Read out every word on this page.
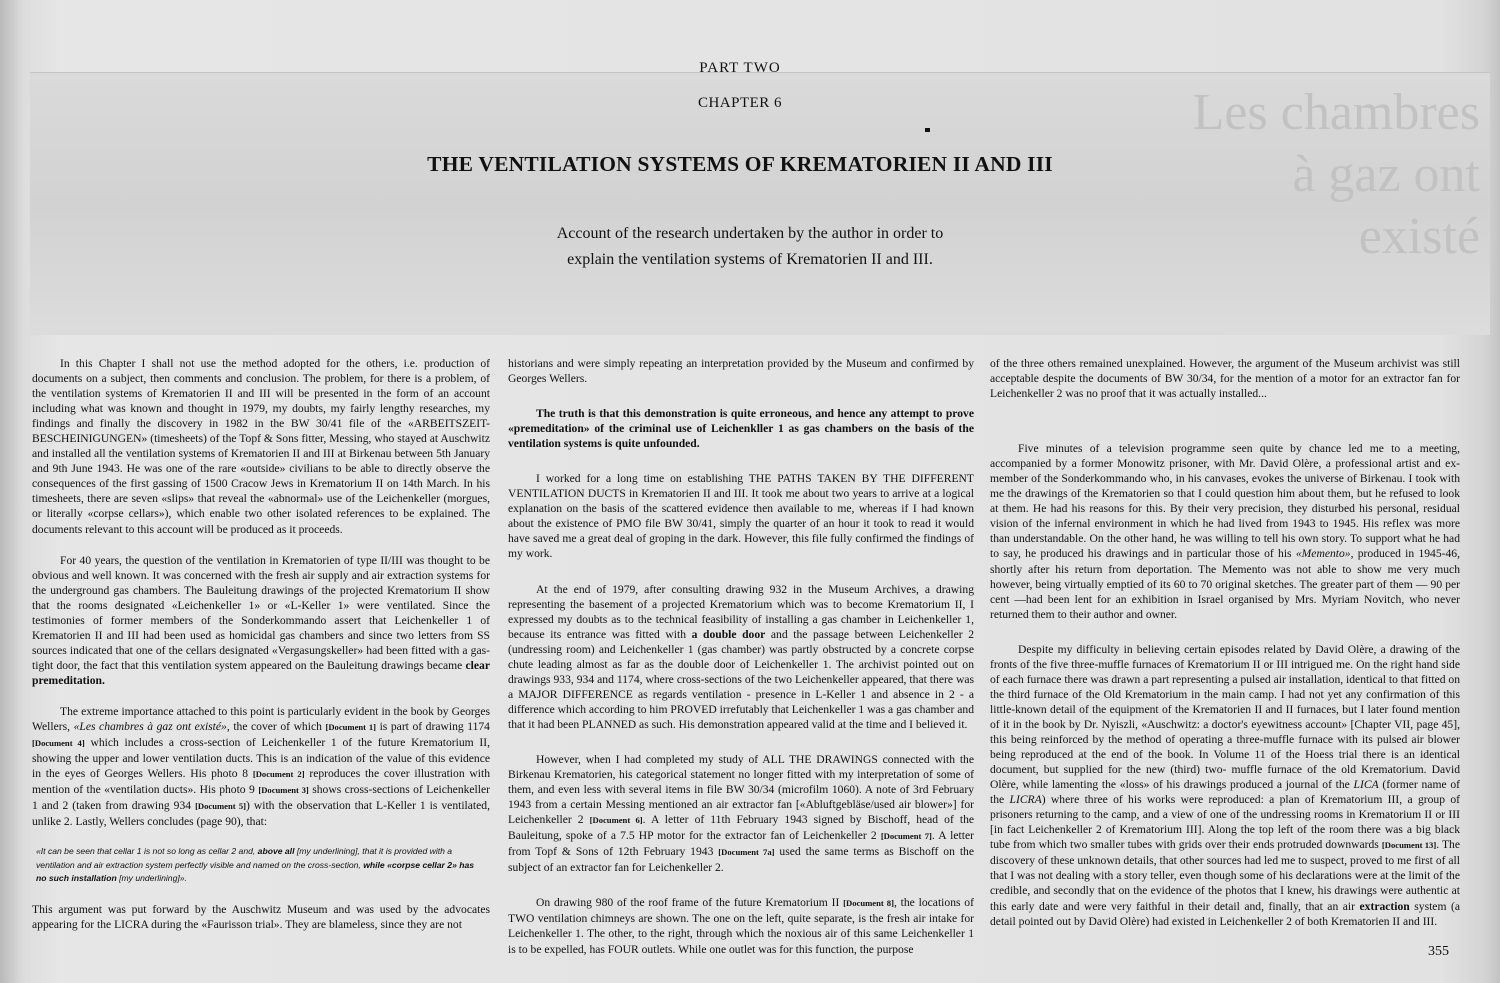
Les chambres à gaz ont existé

PART TWO

CHAPTER 6

THE VENTILATION SYSTEMS OF KREMATORIEN II AND III

Account of the research undertaken by the author in order to explain the ventilation systems of Krematorien II and III.

In this Chapter I shall not use the method adopted for the others, i.e. production of documents on a subject, then comments and conclusion. The problem, for there is a problem, of the ventilation systems of Krematorien II and III will be presented in the form of an account including what was known and thought in 1979, my doubts, my fairly lengthy researches, my findings and finally the discovery in 1982 in the BW 30/41 file of the «ARBEITSZEIT-BESCHEINIGUNGEN» (timesheets) of the Topf & Sons fitter, Messing, who stayed at Auschwitz and installed all the ventilation systems of Krematorien II and III at Birkenau between 5th January and 9th June 1943. He was one of the rare «outside» civilians to be able to directly observe the consequences of the first gassing of 1500 Cracow Jews in Krematorium II on 14th March. In his timesheets, there are seven «slips» that reveal the «abnormal» use of the Leichenkeller (morgues, or literally «corpse cellars»), which enable two other isolated references to be explained. The documents relevant to this account will be produced as it proceeds.

For 40 years, the question of the ventilation in Krematorien of type II/III was thought to be obvious and well known. It was concerned with the fresh air supply and air extraction systems for the underground gas chambers. The Bauleitung drawings of the projected Krematorium II show that the rooms designated «Leichenkeller 1» or «L-Keller 1» were ventilated. Since the testimonies of former members of the Sonderkommando assert that Leichenkeller 1 of Krematorien II and III had been used as homicidal gas chambers and since two letters from SS sources indicated that one of the cellars designated «Vergasungskeller» had been fitted with a gas-tight door, the fact that this ventilation system appeared on the Bauleitung drawings became clear premeditation.

The extreme importance attached to this point is particularly evident in the book by Georges Wellers, «Les chambres à gaz ont existé», the cover of which [Document 1] is part of drawing 1174 [Document 4] which includes a cross-section of Leichenkeller 1 of the future Krematorium II, showing the upper and lower ventilation ducts. This is an indication of the value of this evidence in the eyes of Georges Wellers. His photo 8 [Document 2] reproduces the cover illustration with mention of the «ventilation ducts». His photo 9 [Document 3] shows cross-sections of Leichenkeller 1 and 2 (taken from drawing 934 [Document 5]) with the observation that L-Keller 1 is ventilated, unlike 2. Lastly, Wellers concludes (page 90), that:

«It can be seen that cellar 1 is not so long as cellar 2 and, above all [my underlining], that it is provided with a ventilation and air extraction system perfectly visible and named on the cross-section, while «corpse cellar 2» has no such installation [my underlining]».

This argument was put forward by the Auschwitz Museum and was used by the advocates appearing for the LICRA during the «Faurisson trial». They are blameless, since they are not

historians and were simply repeating an interpretation provided by the Museum and confirmed by Georges Wellers.

The truth is that this demonstration is quite erroneous, and hence any attempt to prove «premeditation» of the criminal use of Leichenkller 1 as gas chambers on the basis of the ventilation systems is quite unfounded.

I worked for a long time on establishing THE PATHS TAKEN BY THE DIFFERENT VENTILATION DUCTS in Krematorien II and III. It took me about two years to arrive at a logical explanation on the basis of the scattered evidence then available to me, whereas if I had known about the existence of PMO file BW 30/41, simply the quarter of an hour it took to read it would have saved me a great deal of groping in the dark. However, this file fully confirmed the findings of my work.

At the end of 1979, after consulting drawing 932 in the Museum Archives, a drawing representing the basement of a projected Krematorium which was to become Krematorium II, I expressed my doubts as to the technical feasibility of installing a gas chamber in Leichenkeller 1, because its entrance was fitted with a double door and the passage between Leichenkeller 2 (undressing room) and Leichenkeller 1 (gas chamber) was partly obstructed by a concrete corpse chute leading almost as far as the double door of Leichenkeller 1. The archivist pointed out on drawings 933, 934 and 1174, where cross-sections of the two Leichenkeller appeared, that there was a MAJOR DIFFERENCE as regards ventilation - presence in L-Keller 1 and absence in 2 - a difference which according to him PROVED irrefutably that Leichenkeller 1 was a gas chamber and that it had been PLANNED as such. His demonstration appeared valid at the time and I believed it.

However, when I had completed my study of ALL THE DRAWINGS connected with the Birkenau Krematorien, his categorical statement no longer fitted with my interpretation of some of them, and even less with several items in file BW 30/34 (microfilm 1060). A note of 3rd February 1943 from a certain Messing mentioned an air extractor fan [«Abluftgebläse/used air blower»] for Leichenkeller 2 [Document 6]. A letter of 11th February 1943 signed by Bischoff, head of the Bauleitung, spoke of a 7.5 HP motor for the extractor fan of Leichenkeller 2 [Document 7]. A letter from Topf & Sons of 12th February 1943 [Document 7a] used the same terms as Bischoff on the subject of an extractor fan for Leichenkeller 2.

On drawing 980 of the roof frame of the future Krematorium II [Document 8], the locations of TWO ventilation chimneys are shown. The one on the left, quite separate, is the fresh air intake for Leichenkeller 1. The other, to the right, through which the noxious air of this same Leichenkeller 1 is to be expelled, has FOUR outlets. While one outlet was for this function, the purpose

of the three others remained unexplained. However, the argument of the Museum archivist was still acceptable despite the documents of BW 30/34, for the mention of a motor for an extractor fan for Leichenkeller 2 was no proof that it was actually installed...

Five minutes of a television programme seen quite by chance led me to a meeting, accompanied by a former Monowitz prisoner, with Mr. David Olère, a professional artist and ex-member of the Sonderkommando who, in his canvases, evokes the universe of Birkenau. I took with me the drawings of the Krematorien so that I could question him about them, but he refused to look at them. He had his reasons for this. By their very precision, they disturbed his personal, residual vision of the infernal environment in which he had lived from 1943 to 1945. His reflex was more than understandable. On the other hand, he was willing to tell his own story. To support what he had to say, he produced his drawings and in particular those of his «Memento», produced in 1945-46, shortly after his return from deportation. The Memento was not able to show me very much however, being virtually emptied of its 60 to 70 original sketches. The greater part of them — 90 per cent —had been lent for an exhibition in Israel organised by Mrs. Myriam Novitch, who never returned them to their author and owner.

Despite my difficulty in believing certain episodes related by David Olère, a drawing of the fronts of the five three-muffle furnaces of Krematorium II or III intrigued me. On the right hand side of each furnace there was drawn a part representing a pulsed air installation, identical to that fitted on the third furnace of the Old Krematorium in the main camp. I had not yet any confirmation of this little-known detail of the equipment of the Krematorien II and II furnaces, but I later found mention of it in the book by Dr. Nyiszli, «Auschwitz: a doctor's eyewitness account» [Chapter VII, page 45], this being reinforced by the method of operating a three-muffle furnace with its pulsed air blower being reproduced at the end of the book. In Volume 11 of the Hoess trial there is an identical document, but supplied for the new (third) two- muffle furnace of the old Krematorium. David Olère, while lamenting the «loss» of his drawings produced a journal of the LICA (former name of the LICRA) where three of his works were reproduced: a plan of Krematorium III, a group of prisoners returning to the camp, and a view of one of the undressing rooms in Krematorium II or III [in fact Leichenkeller 2 of Krematorium III]. Along the top left of the room there was a big black tube from which two smaller tubes with grids over their ends protruded downwards [Document 13]. The discovery of these unknown details, that other sources had led me to suspect, proved to me first of all that I was not dealing with a story teller, even though some of his declarations were at the limit of the credible, and secondly that on the evidence of the photos that I knew, his drawings were authentic at this early date and were very faithful in their detail and, finally, that an air extraction system (a detail pointed out by David Olère) had existed in Leichenkeller 2 of both Krematorien II and III.

355
